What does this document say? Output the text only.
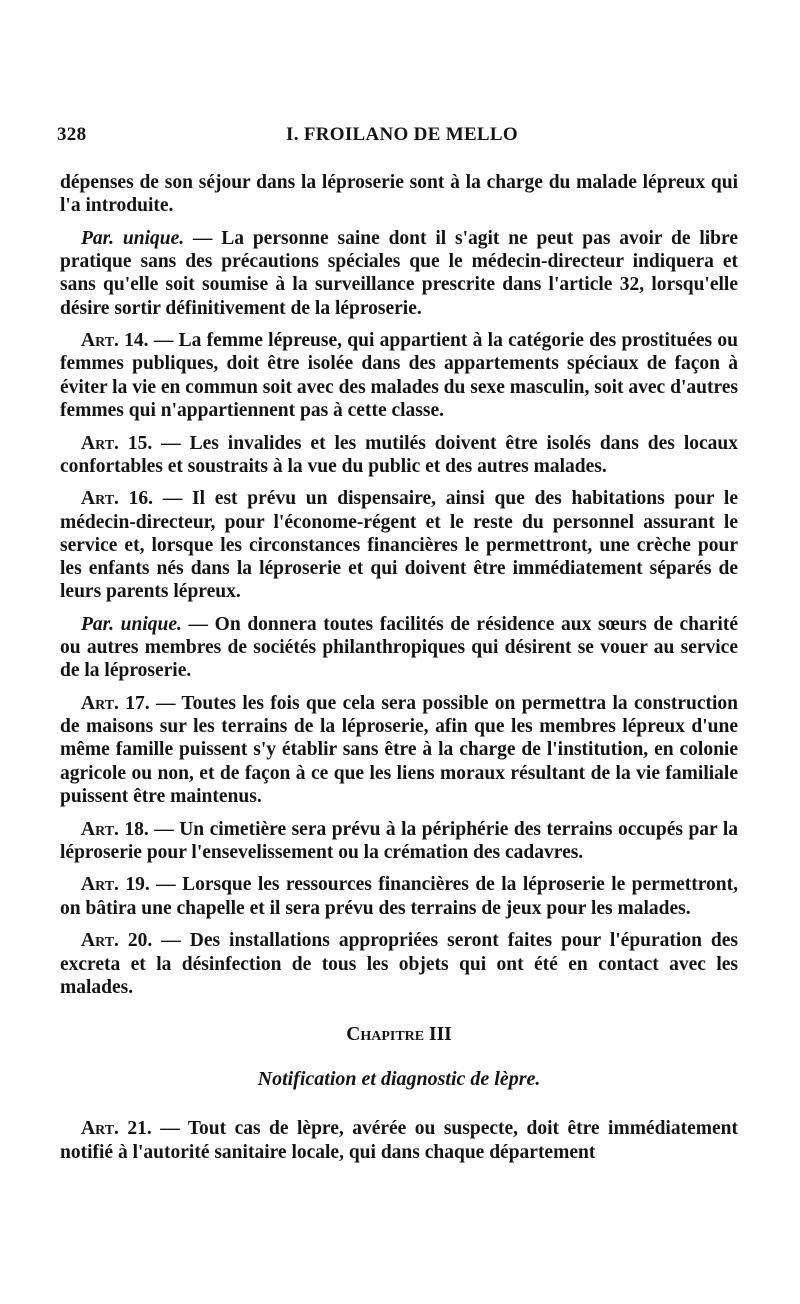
328	I. FROILANO DE MELLO

dépenses de son séjour dans la léproserie sont à la charge du malade lépreux qui l'a introduite.

Par. unique. — La personne saine dont il s'agit ne peut pas avoir de libre pratique sans des précautions spéciales que le médecin-directeur indiquera et sans qu'elle soit soumise à la surveillance prescrite dans l'article 32, lorsqu'elle désire sortir définitivement de la léproserie.

Art. 14. — La femme lépreuse, qui appartient à la catégorie des prostituées ou femmes publiques, doit être isolée dans des appartements spéciaux de façon à éviter la vie en commun soit avec des malades du sexe masculin, soit avec d'autres femmes qui n'appartiennent pas à cette classe.

Art. 15. — Les invalides et les mutilés doivent être isolés dans des locaux confortables et soustraits à la vue du public et des autres malades.

Art. 16. — Il est prévu un dispensaire, ainsi que des habitations pour le médecin-directeur, pour l'économe-régent et le reste du personnel assurant le service et, lorsque les circonstances financières le permettront, une crèche pour les enfants nés dans la léproserie et qui doivent être immédiatement séparés de leurs parents lépreux.

Par. unique. — On donnera toutes facilités de résidence aux sœurs de charité ou autres membres de sociétés philanthropiques qui désirent se vouer au service de la léproserie.

Art. 17. — Toutes les fois que cela sera possible on permettra la construction de maisons sur les terrains de la léproserie, afin que les membres lépreux d'une même famille puissent s'y établir sans être à la charge de l'institution, en colonie agricole ou non, et de façon à ce que les liens moraux résultant de la vie familiale puissent être maintenus.

Art. 18. — Un cimetière sera prévu à la périphérie des terrains occupés par la léproserie pour l'ensevelissement ou la crémation des cadavres.

Art. 19. — Lorsque les ressources financières de la léproserie le permettront, on bâtira une chapelle et il sera prévu des terrains de jeux pour les malades.

Art. 20. — Des installations appropriées seront faites pour l'épuration des excreta et la désinfection de tous les objets qui ont été en contact avec les malades.

Chapitre III
Notification et diagnostic de lèpre.

Art. 21. — Tout cas de lèpre, avérée ou suspecte, doit être immédiatement notifié à l'autorité sanitaire locale, qui dans chaque département
